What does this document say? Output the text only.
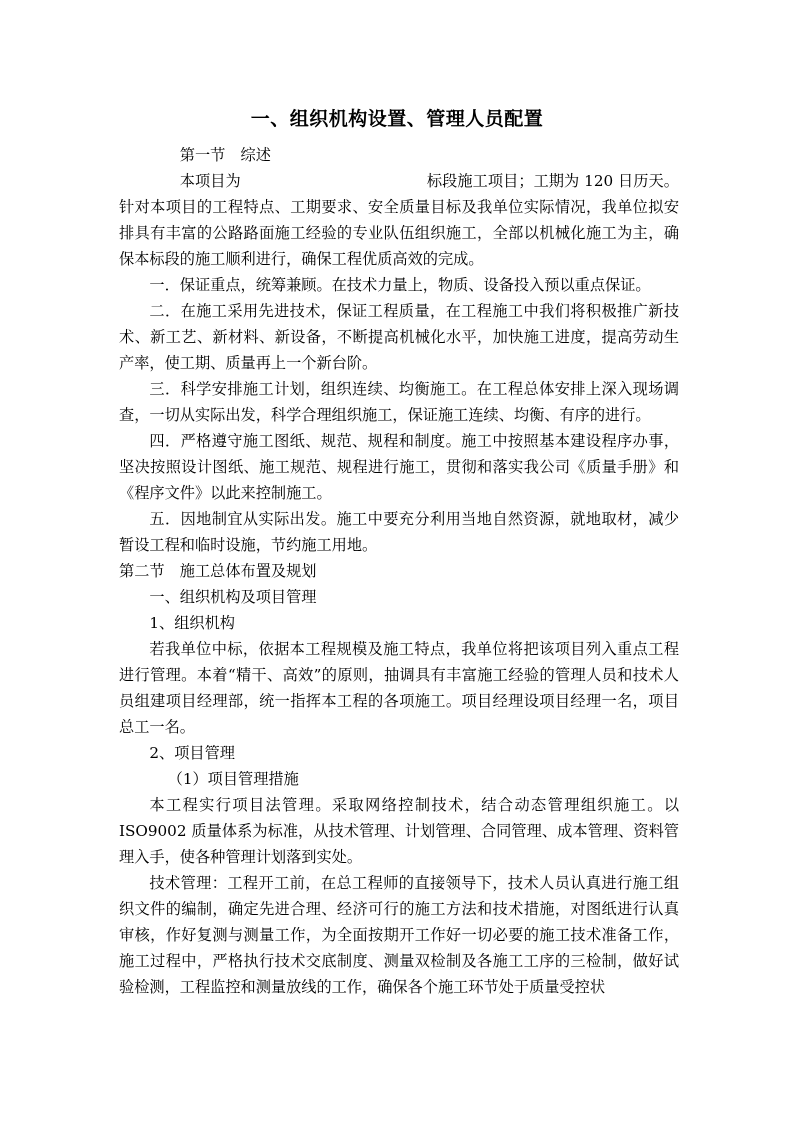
一、组织机构设置、管理人员配置

第一节 综述

本项目为	标段施工项目；工期为 120 日历天。针对本项目的工程特点、工期要求、安全质量目标及我单位实际情况，我单位拟安排具有丰富的公路路面施工经验的专业队伍组织施工，全部以机械化施工为主，确保本标段的施工顺利进行，确保工程优质高效的完成。

一．保证重点，统筹兼顾。在技术力量上，物质、设备投入预以重点保证。

二．在施工采用先进技术，保证工程质量，在工程施工中我们将积极推广新技术、新工艺、新材料、新设备，不断提高机械化水平，加快施工进度，提高劳动生产率，使工期、质量再上一个新台阶。

三．科学安排施工计划，组织连续、均衡施工。在工程总体安排上深入现场调查，一切从实际出发，科学合理组织施工，保证施工连续、均衡、有序的进行。

四．严格遵守施工图纸、规范、规程和制度。施工中按照基本建设程序办事，坚决按照设计图纸、施工规范、规程进行施工，贯彻和落实我公司《质量手册》和《程序文件》以此来控制施工。

五．因地制宜从实际出发。施工中要充分利用当地自然资源，就地取材，减少暂设工程和临时设施，节约施工用地。

第二节 施工总体布置及规划

一、组织机构及项目管理

1、组织机构

若我单位中标，依据本工程规模及施工特点，我单位将把该项目列入重点工程进行管理。本着“精干、高效”的原则，抽调具有丰富施工经验的管理人员和技术人员组建项目经理部，统一指挥本工程的各项施工。项目经理设项目经理一名，项目总工一名。

2、项目管理

（1）项目管理措施

本工程实行项目法管理。采取网络控制技术，结合动态管理组织施工。以ISO9002 质量体系为标准，从技术管理、计划管理、合同管理、成本管理、资料管理入手，使各种管理计划落到实处。

技术管理：工程开工前，在总工程师的直接领导下，技术人员认真进行施工组织文件的编制，确定先进合理、经济可行的施工方法和技术措施，对图纸进行认真审核，作好复测与测量工作，为全面按期开工作好一切必要的施工技术准备工作，施工过程中，严格执行技术交底制度、测量双检制及各施工工序的三检制，做好试验检测，工程监控和测量放线的工作，确保各个施工环节处于质量受控状
